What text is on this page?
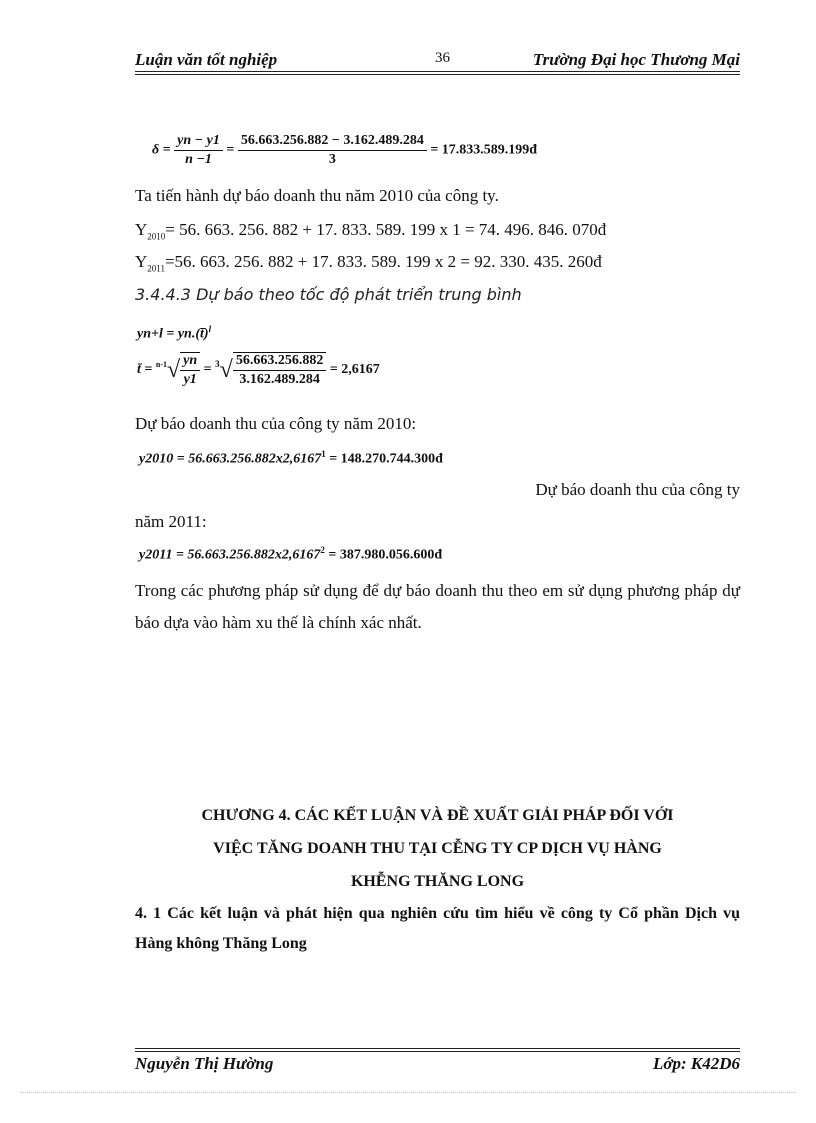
Luận văn tốt nghiệp	36	Trường Đại học Thương Mại
$\delta = \frac{yn - y1}{n -1} = \frac{56.663.256.882 - 3.162.489.284}{3}$ = 17.833.589.199đ
Ta tiến hành dự báo doanh thu năm 2010 của công ty.
$Y_{2010}= 56$. 663. 256. 882 + 17. 833. 589. 199 x 1 = 74. 496. 846. 070đ
$Y_{2011}=56$. 663. 256. 882 + 17. 833. 589. 199 x 2 = 92. 330. 435. 260đ
3.4.4.3 Dự báo theo tốc độ phát triển trung bình
yn+l = yn.(t̄)$^l$
t̄ = $^{n-1}√ \frac{yn}{y1} = ^3√ \frac{56.663.256.882}{3.162.489.284} = 2,6167$
Dự báo doanh thu của công ty năm 2010:
$y2010 = 56.663.256.882x2,6167^1$ = 148.270.744.300đ
Dự báo doanh thu của công ty
năm 2011:
$y2011 = 56.663.256.882x2,6167^2$ = 387.980.056.600đ
Trong các phương pháp sử dụng để dự báo doanh thu theo em sử dụng phương pháp dự báo dựa vào hàm xu thế là chính xác nhất.
CHƯƠNG 4. CÁC KẾT LUẬN VÀ ĐỀ XUẤT GIẢI PHÁP ĐỐI VỚI
VIỆC TĂNG DOANH THU TẠI CỄNG TY CP DỊCH VỤ HÀNG
KHỄNG THĂNG LONG
4. 1 Các kết luận và phát hiện qua nghiên cứu tìm hiểu về công ty Cổ phần Dịch vụ Hàng không Thăng Long
Nguyễn Thị Hường	Lớp: K42D6
